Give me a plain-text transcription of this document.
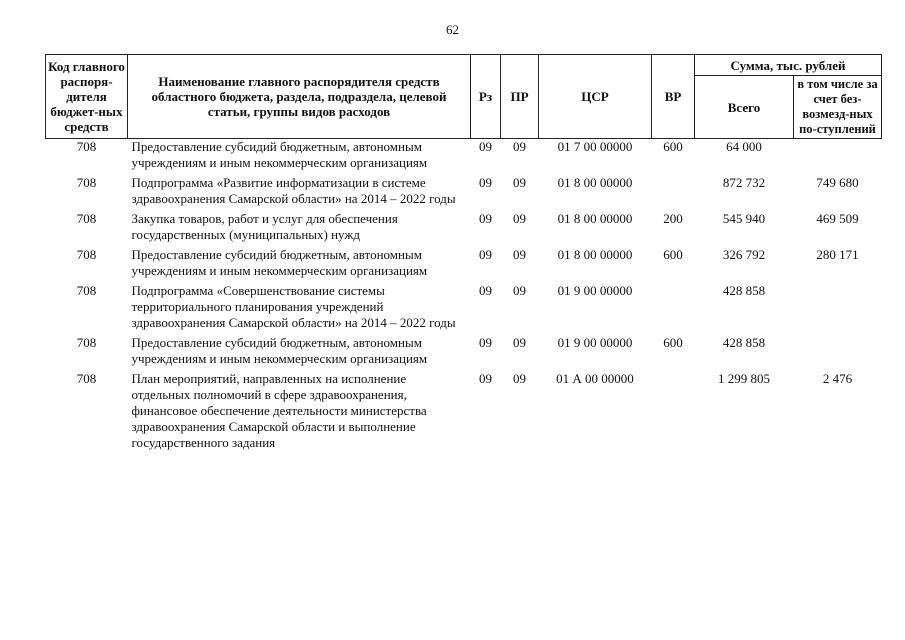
62
Код главного распоря-дителя бюджет-ных средств	Наименование главного распорядителя средств областного бюджета, раздела, подраздела, целевой статьи, группы видов расходов	Рз	ПР	ЦСР	ВР	Сумма, тыс. рублей	
						Всего	в том числе за счет без-возмезд-ных по-ступлений
708	Предоставление субсидий бюджетным, автономным учреждениям и иным некоммерческим организациям	09	09	01 7 00 00000	600	64 000	
708	Подпрограмма «Развитие информатизации в системе здравоохранения Самарской области» на 2014 – 2022 годы	09	09	01 8 00 00000		872 732	749 680
708	Закупка товаров, работ и услуг для обеспечения государственных (муниципальных) нужд	09	09	01 8 00 00000	200	545 940	469 509
708	Предоставление субсидий бюджетным, автономным учреждениям и иным некоммерческим организациям	09	09	01 8 00 00000	600	326 792	280 171
708	Подпрограмма «Совершенствование системы территориального планирования учреждений здравоохранения Самарской области» на 2014 – 2022 годы	09	09	01 9 00 00000		428 858	
708	Предоставление субсидий бюджетным, автономным учреждениям и иным некоммерческим организациям	09	09	01 9 00 00000	600	428 858	
708	План мероприятий, направленных на исполнение отдельных полномочий в сфере здравоохранения, финансовое обеспечение деятельности министерства здравоохранения Самарской области и выполнение государственного задания	09	09	01 А 00 00000		1 299 805	2 476
